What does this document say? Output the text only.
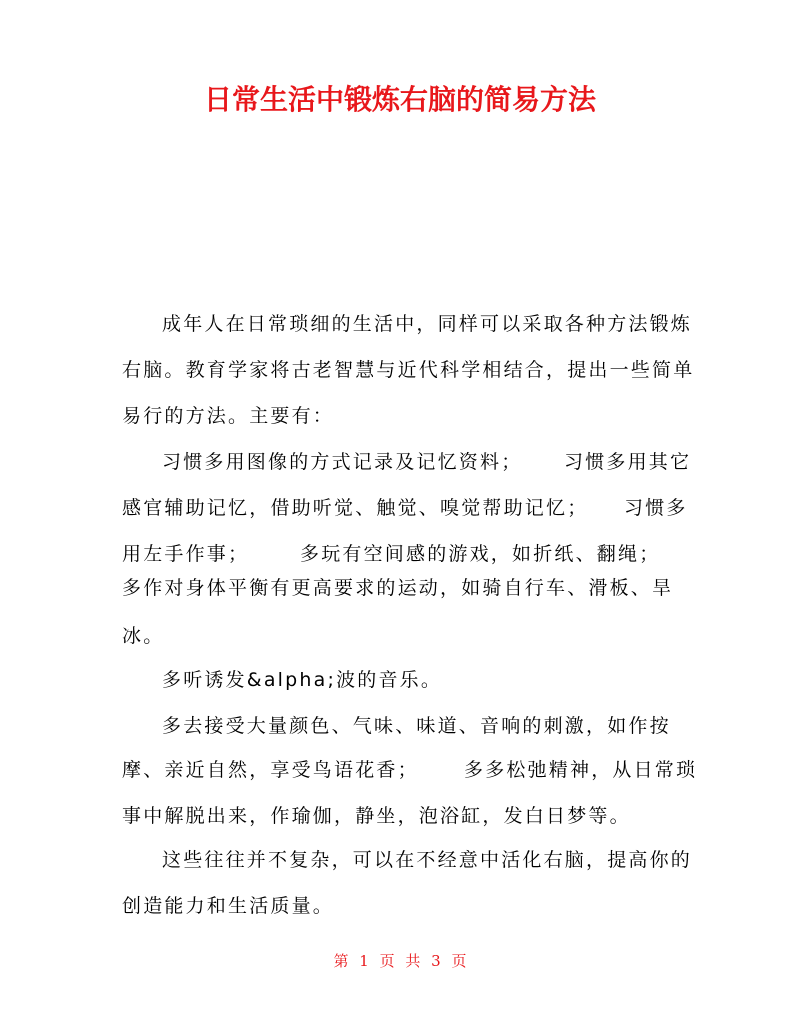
日常生活中锻炼右脑的简易方法
成年人在日常琐细的生活中，同样可以采取各种方法锻炼
右脑。教育学家将古老智慧与近代科学相结合，提出一些简单
易行的方法。主要有：
习惯多用图像的方式记录及记忆资料； 习惯多用其它
感官辅助记忆，借助听觉、触觉、嗅觉帮助记忆； 习惯多
用左手作事；	多玩有空间感的游戏，如折纸、翻绳；
多作对身体平衡有更高要求的运动，如骑自行车、滑板、旱
冰。
多听诱发&alpha;波的音乐。
多去接受大量颜色、气味、味道、音响的刺激，如作按
摩、亲近自然，享受鸟语花香； 多多松弛精神，从日常琐
事中解脱出来，作瑜伽，静坐，泡浴缸，发白日梦等。
这些往往并不复杂，可以在不经意中活化右脑，提高你的
创造能力和生活质量。
第 1 页 共 3 页
